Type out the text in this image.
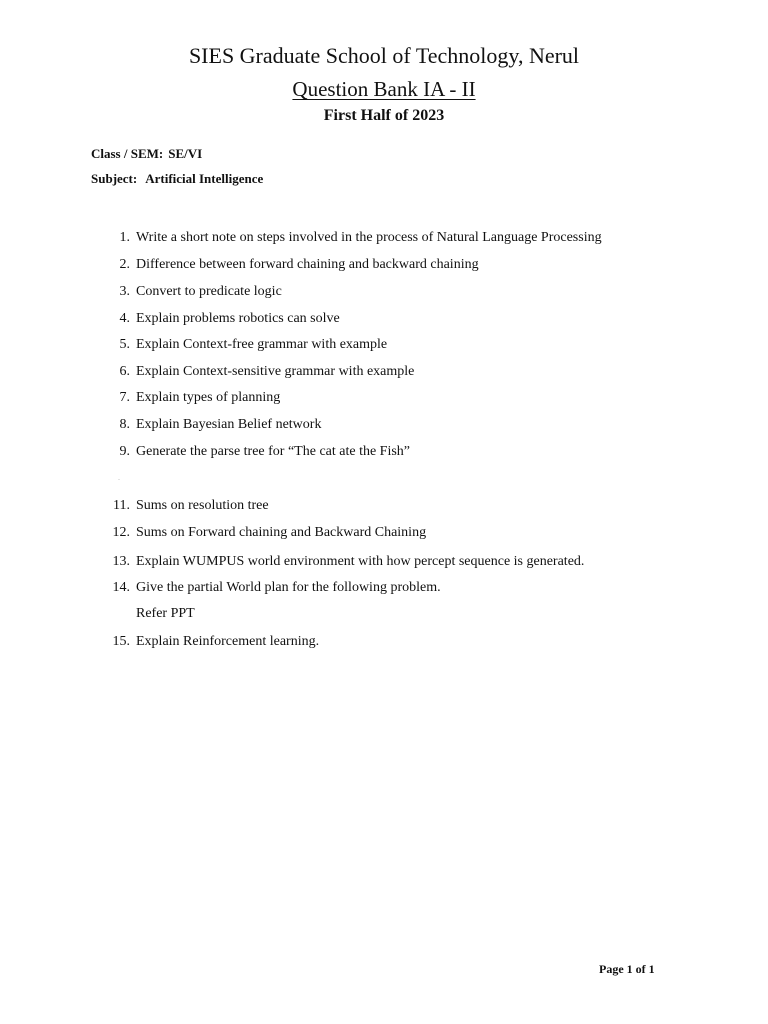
SIES Graduate School of Technology, Nerul
Question Bank IA - II
First Half of 2023

Class / SEM: SE/VI

Subject: Artificial Intelligence

1. Write a short note on steps involved in the process of Natural Language Processing
2. Difference between forward chaining and backward chaining
3. Convert to predicate logic
4. Explain problems robotics can solve
5. Explain Context-free grammar with example
6. Explain Context-sensitive grammar with example
7. Explain types of planning
8. Explain Bayesian Belief network
9. Generate the parse tree for “The cat ate the Fish”
11. Sums on resolution tree
12. Sums on Forward chaining and Backward Chaining
13. Explain WUMPUS world environment with how percept sequence is generated.
14. Give the partial World plan for the following problem.
Refer PPT
15. Explain Reinforcement learning.
.

Page 1 of 1
